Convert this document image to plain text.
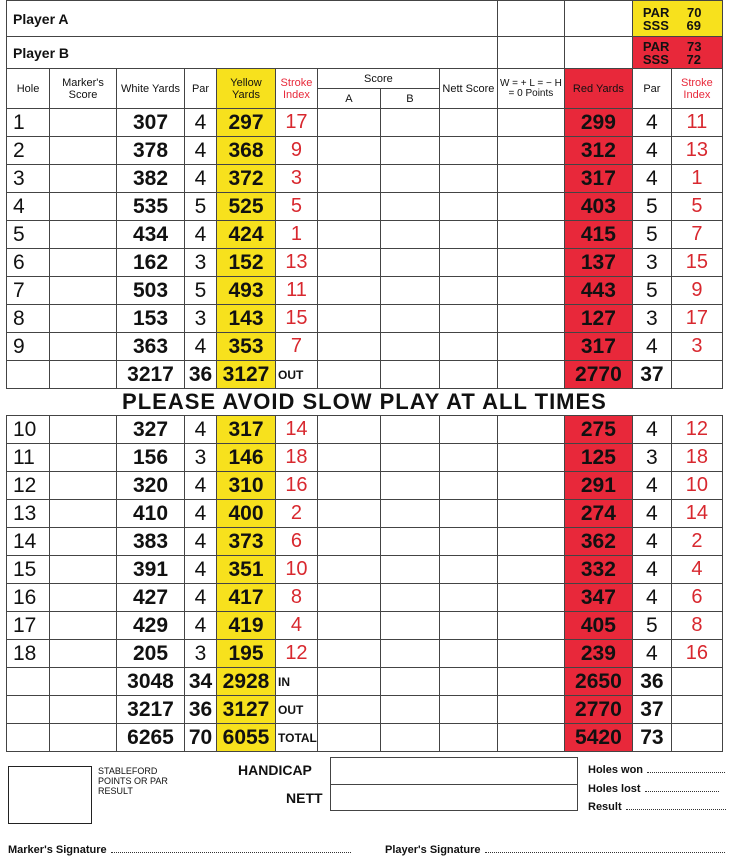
Player A											PAR 70
SSS 69	

Player B											PAR 73
SSS 72	

Hole	Marker's Score	White Yards	Par	Yellow Yards	Stroke Index	Score		Nett Score	W = + L = − H = 0 Points	Red Yards	Par	Stroke Index
						A	B					
1		307	4	297	17					299	4	11
2		378	4	368	9					312	4	13
3		382	4	372	3					317	4	1
4		535	5	525	5					403	5	5
5		434	4	424	1					415	5	7
6		162	3	152	13					137	3	15
7		503	5	493	11					443	5	9
8		153	3	143	15					127	3	17
9		363	4	353	7					317	4	3
		3217	36	3127	OUT					2770	37	
PLEASE AVOID SLOW PLAY AT ALL TIMES												
10		327	4	317	14					275	4	12
11		156	3	146	18					125	3	18
12		320	4	310	16					291	4	10
13		410	4	400	2					274	4	14
14		383	4	373	6					362	4	2
15		391	4	351	10					332	4	4
16		427	4	417	8					347	4	6
17		429	4	419	4					405	5	8
18		205	3	195	12					239	4	16
		3048	34	2928	IN					2650	36	
		3217	36	3127	OUT					2770	37	
		6265	70	6055	TOTAL					5420	73	
STABLEFORD POINTS OR PAR RESULT
HANDICAP
NETT
Holes won
Holes lost
Result
Marker's Signature	Player's Signature
